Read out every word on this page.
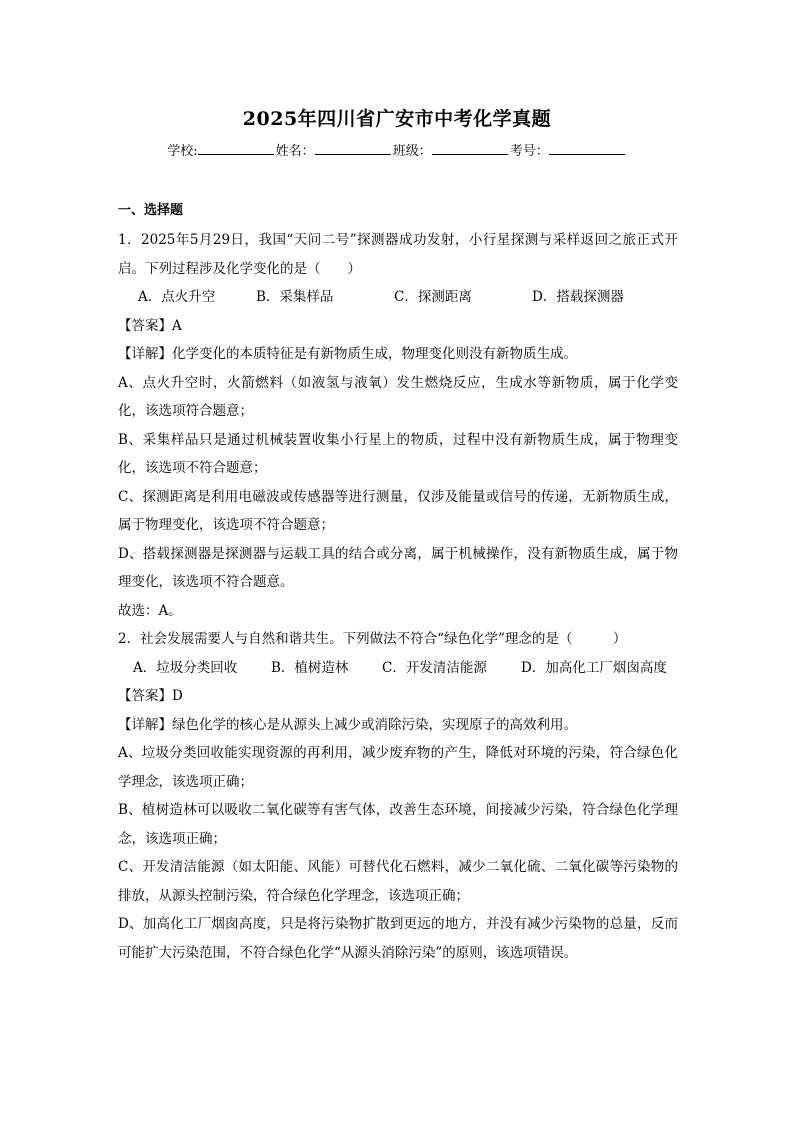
2025年四川省广安市中考化学真题
学校:	姓名：	班级：	考号：
一、选择题

1．2025年5月29日，我国“天问二号”探测器成功发射，小行星探测与采样返回之旅正式开启。下列过程涉及化学变化的是（　　）

A．点火升空	B．采集样品	C．探测距离	D．搭载探测器

【答案】A

【详解】化学变化的本质特征是有新物质生成，物理变化则没有新物质生成。

A、点火升空时，火箭燃料（如液氢与液氧）发生燃烧反应，生成水等新物质，属于化学变化，该选项符合题意；

B、采集样品只是通过机械装置收集小行星上的物质，过程中没有新物质生成，属于物理变化，该选项不符合题意；

C、探测距离是利用电磁波或传感器等进行测量，仅涉及能量或信号的传递，无新物质生成，属于物理变化，该选项不符合题意；

D、搭载探测器是探测器与运载工具的结合或分离，属于机械操作，没有新物质生成，属于物理变化，该选项不符合题意。

故选：A。

2．社会发展需要人与自然和谐共生。下列做法不符合“绿色化学”理念的是（　　　）

A．垃圾分类回收	B．植树造林	C．开发清洁能源	D．加高化工厂烟囱高度

【答案】D

【详解】绿色化学的核心是从源头上减少或消除污染，实现原子的高效利用。

A、垃圾分类回收能实现资源的再利用，减少废弃物的产生，降低对环境的污染，符合绿色化学理念，该选项正确；

B、植树造林可以吸收二氧化碳等有害气体，改善生态环境，间接减少污染，符合绿色化学理念，该选项正确；

C、开发清洁能源（如太阳能、风能）可替代化石燃料，减少二氧化硫、二氧化碳等污染物的排放，从源头控制污染，符合绿色化学理念，该选项正确；

D、加高化工厂烟囱高度，只是将污染物扩散到更远的地方，并没有减少污染物的总量，反而可能扩大污染范围，不符合绿色化学“从源头消除污染”的原则，该选项错误。
